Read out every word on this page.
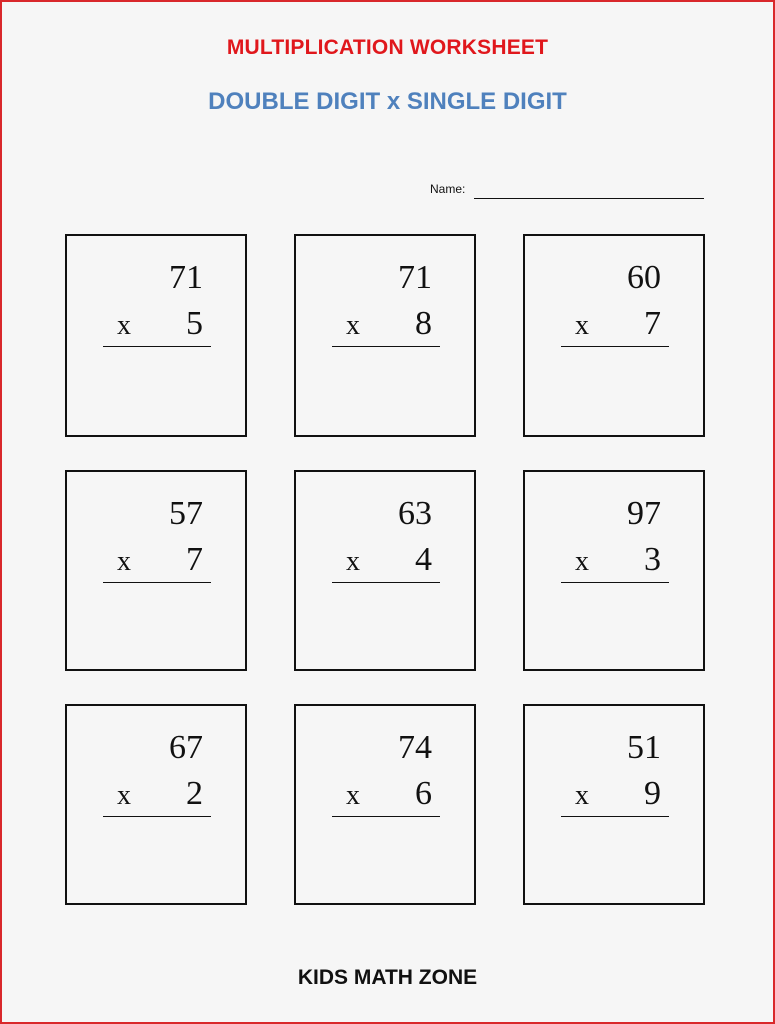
MULTIPLICATION WORKSHEET
DOUBLE DIGIT x SINGLE DIGIT
Name:
71
x 5
71
x 8
60
x 7
57
x 7
63
x 4
97
x 3
67
x 2
74
x 6
51
x 9
KIDS MATH ZONE
